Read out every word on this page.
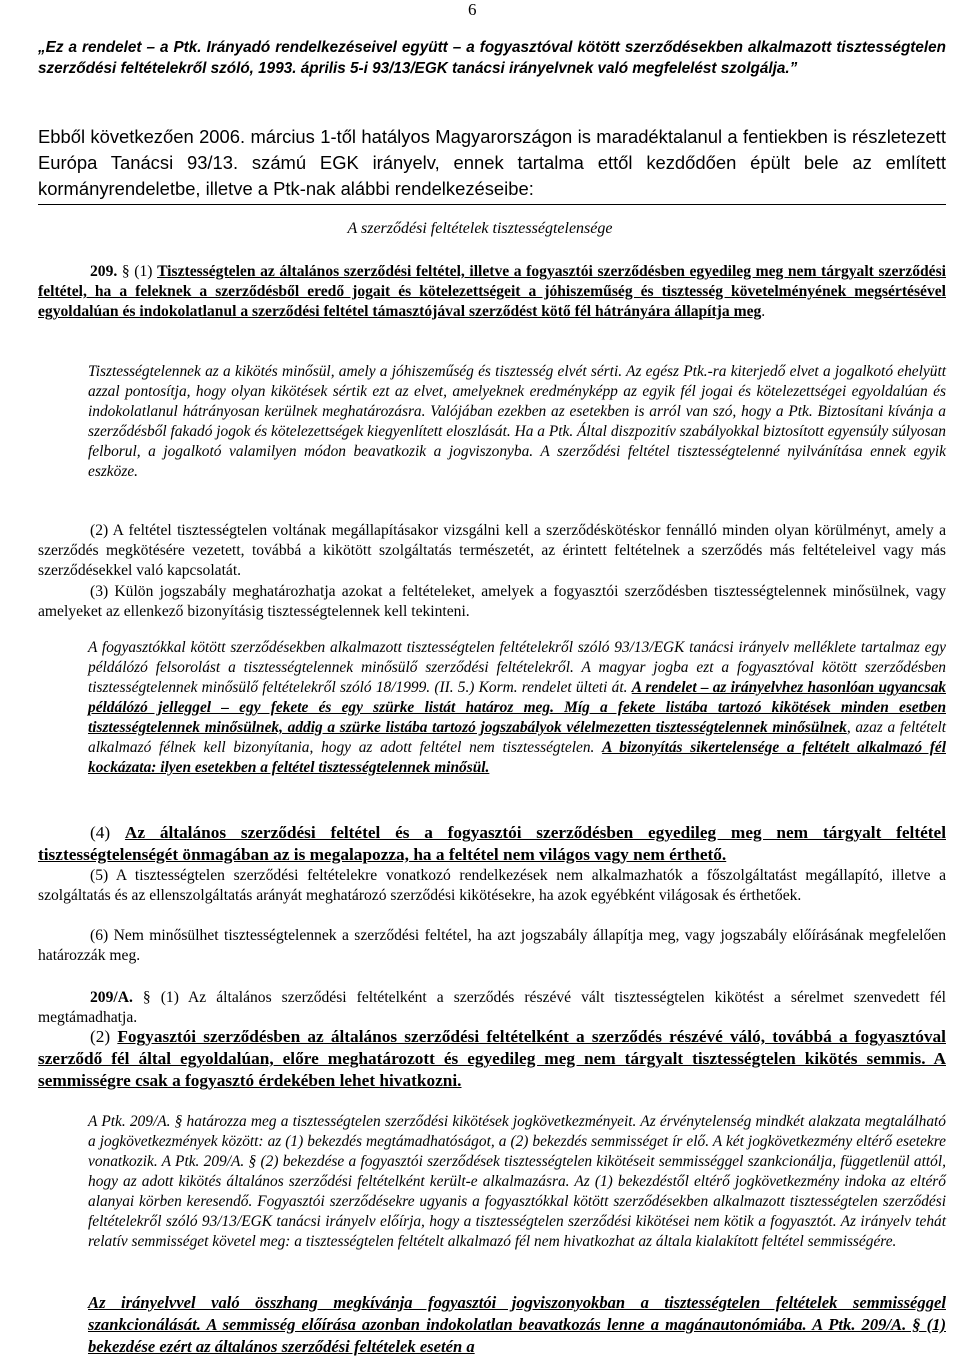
6

„Ez a rendelet – a Ptk. Irányadó rendelkezéseivel együtt – a fogyasztóval kötött szerződésekben alkalmazott tisztességtelen szerződési feltételekről szóló, 1993. április 5-i 93/13/EGK tanácsi irányelvnek való megfelelést szolgálja.”

Ebből következően 2006. március 1-től hatályos Magyarországon is maradéktalanul a fentiekben is részletezett Európa Tanácsi 93/13. számú EGK irányelv, ennek tartalma ettől kezdődően épült bele az említett kormányrendeletbe, illetve a Ptk-nak alábbi rendelkezéseibe:

A szerződési feltételek tisztességtelensége

209. § (1) Tisztességtelen az általános szerződési feltétel, illetve a fogyasztói szerződésben egyedileg meg nem tárgyalt szerződési feltétel, ha a feleknek a szerződésből eredő jogait és kötelezettségeit a jóhiszeműség és tisztesség követelményének megsértésével egyoldalúan és indokolatlanul a szerződési feltétel támasztójával szerződést kötő fél hátrányára állapítja meg.

Tisztességtelennek az a kikötés minősül, amely a jóhiszeműség és tisztesség elvét sérti. Az egész Ptk.-ra kiterjedő elvet a jogalkotó ehelyütt azzal pontosítja, hogy olyan kikötések sértik ezt az elvet, amelyeknek eredményképp az egyik fél jogai és kötelezettségei egyoldalúan és indokolatlanul hátrányosan kerülnek meghatározásra. Valójában ezekben az esetekben is arról van szó, hogy a Ptk. Biztosítani kívánja a szerződésből fakadó jogok és kötelezettségek kiegyenlített eloszlását. Ha a Ptk. Által diszpozitív szabályokkal biztosított egyensúly súlyosan felborul, a jogalkotó valamilyen módon beavatkozik a jogviszonyba. A szerződési feltétel tisztességtelenné nyilvánítása ennek egyik eszköze.

(2) A feltétel tisztességtelen voltának megállapításakor vizsgálni kell a szerződéskötéskor fennálló minden olyan körülményt, amely a szerződés megkötésére vezetett, továbbá a kikötött szolgáltatás természetét, az érintett feltételnek a szerződés más feltételeivel vagy más szerződésekkel való kapcsolatát.

(3) Külön jogszabály meghatározhatja azokat a feltételeket, amelyek a fogyasztói szerződésben tisztességtelennek minősülnek, vagy amelyeket az ellenkező bizonyításig tisztességtelennek kell tekinteni.

A fogyasztókkal kötött szerződésekben alkalmazott tisztességtelen feltételekről szóló 93/13/EGK tanácsi irányelv melléklete tartalmaz egy példálózó felsorolást a tisztességtelennek minősülő szerződési feltételekről. A magyar jogba ezt a fogyasztóval kötött szerződésben tisztességtelennek minősülő feltételekről szóló 18/1999. (II. 5.) Korm. rendelet ülteti át. A rendelet – az irányelvhez hasonlóan ugyancsak példálózó jelleggel – egy fekete és egy szürke listát határoz meg. Míg a fekete listába tartozó kikötések minden esetben tisztességtelennek minősülnek, addig a szürke listába tartozó jogszabályok vélelmezetten tisztességtelennek minősülnek, azaz a feltételt alkalmazó félnek kell bizonyítania, hogy az adott feltétel nem tisztességtelen. A bizonyítás sikertelensége a feltételt alkalmazó fél kockázata: ilyen esetekben a feltétel tisztességtelennek minősül.

(4) Az általános szerződési feltétel és a fogyasztói szerződésben egyedileg meg nem tárgyalt feltétel tisztességtelenségét önmagában az is megalapozza, ha a feltétel nem világos vagy nem érthető.

(5) A tisztességtelen szerződési feltételekre vonatkozó rendelkezések nem alkalmazhatók a főszolgáltatást megállapító, illetve a szolgáltatás és az ellenszolgáltatás arányát meghatározó szerződési kikötésekre, ha azok egyébként világosak és érthetőek.

(6) Nem minősülhet tisztességtelennek a szerződési feltétel, ha azt jogszabály állapítja meg, vagy jogszabály előírásának megfelelően határozzák meg.

209/A. § (1) Az általános szerződési feltételként a szerződés részévé vált tisztességtelen kikötést a sérelmet szenvedett fél megtámadhatja.

(2) Fogyasztói szerződésben az általános szerződési feltételként a szerződés részévé váló, továbbá a fogyasztóval szerződő fél által egyoldalúan, előre meghatározott és egyedileg meg nem tárgyalt tisztességtelen kikötés semmis. A semmisségre csak a fogyasztó érdekében lehet hivatkozni.

A Ptk. 209/A. § határozza meg a tisztességtelen szerződési kikötések jogkövetkezményeit. Az érvénytelenség mindkét alakzata megtalálható a jogkövetkezmények között: az (1) bekezdés megtámadhatóságot, a (2) bekezdés semmisséget ír elő. A két jogkövetkezmény eltérő esetekre vonatkozik. A Ptk. 209/A. § (2) bekezdése a fogyasztói szerződések tisztességtelen kikötéseit semmisséggel szankcionálja, függetlenül attól, hogy az adott kikötés általános szerződési feltételként került-e alkalmazásra. Az (1) bekezdéstől eltérő jogkövetkezmény indoka az eltérő alanyai körben keresendő. Fogyasztói szerződésekre ugyanis a fogyasztókkal kötött szerződésekben alkalmazott tisztességtelen szerződési feltételekről szóló 93/13/EGK tanácsi irányelv előírja, hogy a tisztességtelen szerződési kikötései nem kötik a fogyasztót. Az irányelv tehát relatív semmisséget követel meg: a tisztességtelen feltételt alkalmazó fél nem hivatkozhat az általa kialakított feltétel semmisségére.

Az irányelvvel való összhang megkívánja fogyasztói jogviszonyokban a tisztességtelen feltételek semmisséggel szankcionálását. A semmisség előírása azonban indokolatlan beavatkozás lenne a magánautonómiába. A Ptk. 209/A. § (1) bekezdése ezért az általános szerződési feltételek esetén a
